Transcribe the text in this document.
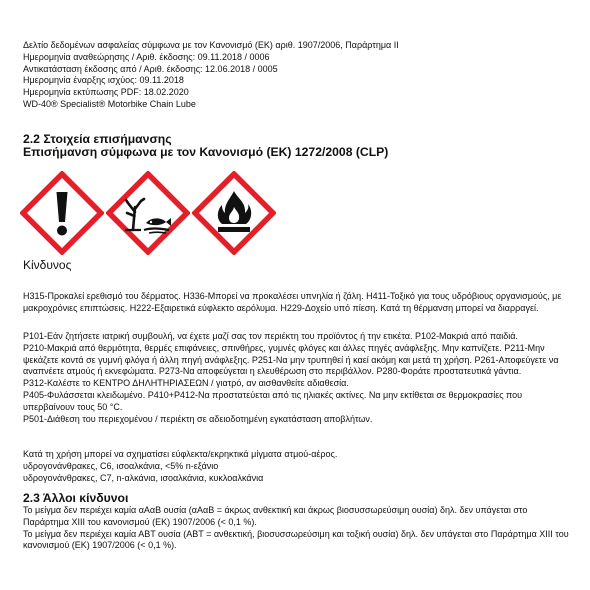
Δελτίο δεδομένων ασφαλείας σύμφωνα με τον Κανονισμό (ΕΚ) αριθ. 1907/2006, Παράρτημα II
Ημερομηνία αναθεώρησης / Αριθ. έκδοσης: 09.11.2018 / 0006
Αντικατάσταση έκδοσης από / Αριθ. έκδοσης: 12.06.2018 / 0005
Ημερομηνία έναρξης ισχύος: 09.11.2018
Ημερομηνία εκτύπωσης PDF: 18.02.2020
WD-40® Specialist® Motorbike Chain Lube
2.2 Στοιχεία επισήμανσης
Επισήμανση σύμφωνα με τον Κανονισμό (ΕΚ) 1272/2008 (CLP)
Κίνδυνος

H315-Προκαλεί ερεθισμό του δέρματος. H336-Μπορεί να προκαλέσει υπνηλία ή ζάλη. H411-Τοξικό για τους υδρόβιους οργανισμούς, με μακροχρόνιες επιπτώσεις. H222-Εξαιρετικά εύφλεκτο αερόλυμα. H229-Δοχείο υπό πίεση. Κατά τη θέρμανση μπορεί να διαρραγεί.

P101-Εάν ζητήσετε ιατρική συμβουλή, να έχετε μαζί σας τον περιέκτη του προϊόντος ή την ετικέτα. P102-Μακριά από παιδιά.

P210-Μακριά από θερμότητα, θερμές επιφάνειες, σπινθήρες, γυμνές φλόγες και άλλες πηγές ανάφλεξης. Μην καπνίζετε. P211-Μην ψεκάζετε κοντά σε γυμνή φλόγα ή άλλη πηγή ανάφλεξης. P251-Να μην τρυπηθεί ή καεί ακόμη και μετά τη χρήση. P261-Αποφεύγετε να αναπνέετε ατμούς ή εκνεφώματα. P273-Να αποφεύγεται η ελευθέρωση στο περιβάλλον. P280-Φοράτε προστατευτικά γάντια.

P312-Καλέστε το ΚΕΝΤΡΟ ΔΗΛΗΤΗΡΙΑΣΕΩΝ / γιατρό, αν αισθανθείτε αδιαθεσία.

P405-Φυλάσσεται κλειδωμένο. P410+P412-Να προστατεύεται από τις ηλιακές ακτίνες. Να μην εκτίθεται σε θερμοκρασίες που υπερβαίνουν τους 50 °C.

P501-Διάθεση του περιεχομένου / περιέκτη σε αδειοδοτημένη εγκατάσταση αποβλήτων.

Κατά τη χρήση μπορεί να σχηματίσει εύφλεκτα/εκρηκτικά μίγματα ατμού-αέρος.

υδρογονάνθρακες, C6, ισοαλκάνια, <5% n-εξάνιο

υδρογονάνθρακες, C7, n-αλκάνια, ισοαλκάνια, κυκλοαλκάνια

2.3 Άλλοι κίνδυνοι

Το μείγμα δεν περιέχει καμία αΑαΒ ουσία (αΑαΒ = άκρως ανθεκτική και άκρως βιοσυσσωρεύσιμη ουσία) δηλ. δεν υπάγεται στο Παράρτημα XIII του κανονισμού (ΕΚ) 1907/2006 (< 0,1 %).

Το μείγμα δεν περιέχει καμία ΑΒΤ ουσία (ΑΒΤ = ανθεκτική, βιοσυσσωρεύσιμη και τοξική ουσία) δηλ. δεν υπάγεται στο Παράρτημα XIII του κανονισμού (ΕΚ) 1907/2006 (< 0,1 %).
